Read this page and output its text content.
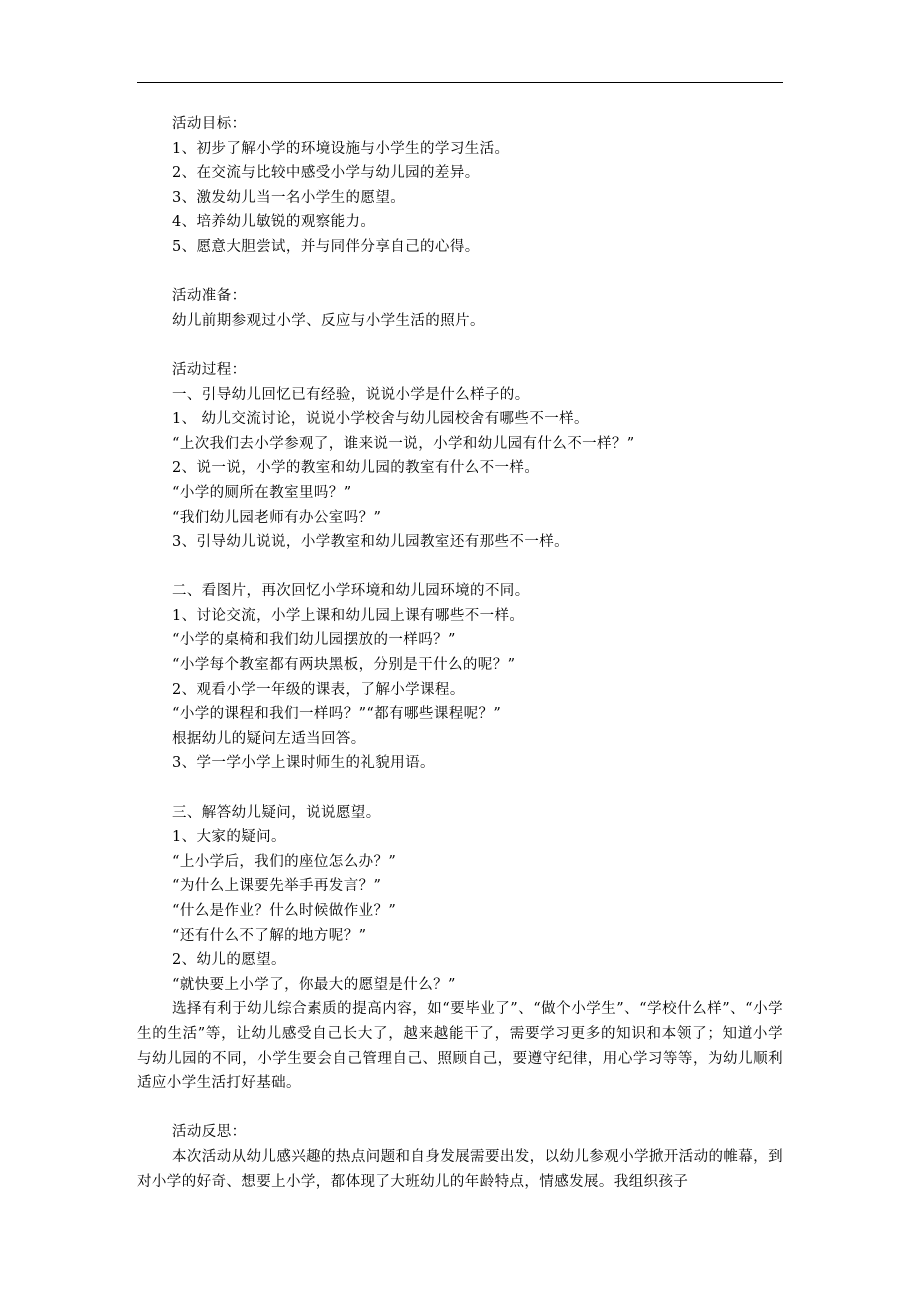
活动目标：
1、初步了解小学的环境设施与小学生的学习生活。
2、在交流与比较中感受小学与幼儿园的差异。
3、激发幼儿当一名小学生的愿望。
4、培养幼儿敏锐的观察能力。
5、愿意大胆尝试，并与同伴分享自己的心得。
活动准备：
幼儿前期参观过小学、反应与小学生活的照片。
活动过程：
一、引导幼儿回忆已有经验，说说小学是什么样子的。
1、 幼儿交流讨论，说说小学校舍与幼儿园校舍有哪些不一样。
“上次我们去小学参观了，谁来说一说，小学和幼儿园有什么不一样？”
2、说一说，小学的教室和幼儿园的教室有什么不一样。
“小学的厕所在教室里吗？”
“我们幼儿园老师有办公室吗？”
3、引导幼儿说说，小学教室和幼儿园教室还有那些不一样。
二、看图片，再次回忆小学环境和幼儿园环境的不同。
1、讨论交流，小学上课和幼儿园上课有哪些不一样。
“小学的桌椅和我们幼儿园摆放的一样吗？”
“小学每个教室都有两块黑板，分别是干什么的呢？”
2、观看小学一年级的课表，了解小学课程。
“小学的课程和我们一样吗？”“都有哪些课程呢？”
根据幼儿的疑问左适当回答。
3、学一学小学上课时师生的礼貌用语。
三、解答幼儿疑问，说说愿望。
1、大家的疑问。
“上小学后，我们的座位怎么办？”
“为什么上课要先举手再发言？”
“什么是作业？什么时候做作业？”
“还有什么不了解的地方呢？”
2、幼儿的愿望。
“就快要上小学了，你最大的愿望是什么？”
选择有利于幼儿综合素质的提高内容，如“要毕业了”、“做个小学生”、“学校什么样”、“小学生的生活”等，让幼儿感受自己长大了，越来越能干了，需要学习更多的知识和本领了；知道小学与幼儿园的不同，小学生要会自己管理自己、照顾自己，要遵守纪律，用心学习等等，为幼儿顺利适应小学生活打好基础。
活动反思：
本次活动从幼儿感兴趣的热点问题和自身发展需要出发，以幼儿参观小学掀开活动的帷幕，到对小学的好奇、想要上小学，都体现了大班幼儿的年龄特点，情感发展。我组织孩子
